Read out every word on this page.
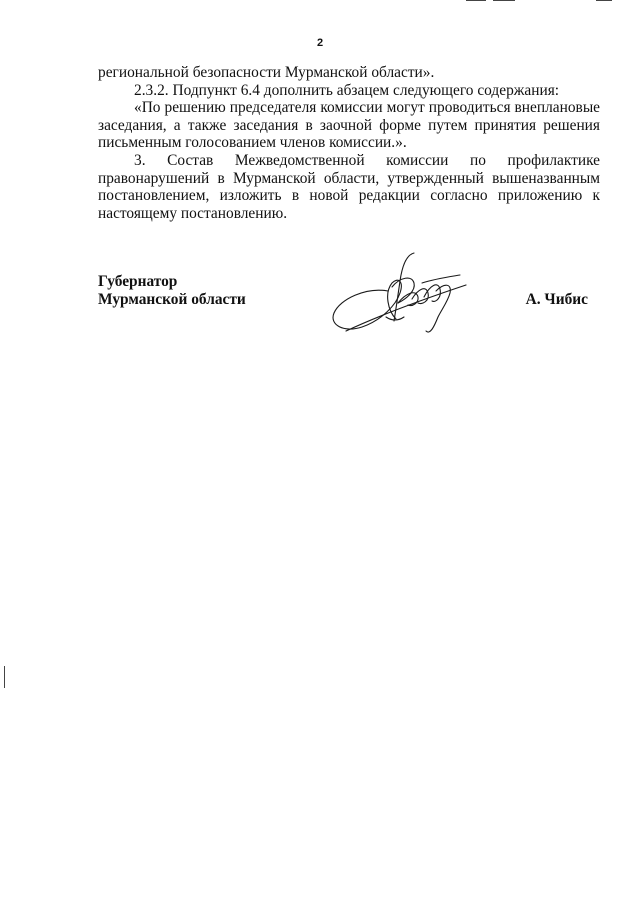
2

региональной безопасности Мурманской области».

2.3.2. Подпункт 6.4 дополнить абзацем следующего содержания:

«По решению председателя комиссии могут проводиться внеплановые заседания, а также заседания в заочной форме путем принятия решения письменным голосованием членов комиссии.».

3. Состав Межведомственной комиссии по профилактике правонарушений в Мурманской области, утвержденный вышеназванным постановлением, изложить в новой редакции согласно приложению к настоящему постановлению.

Губернатор
Мурманской области	А. Чибис
